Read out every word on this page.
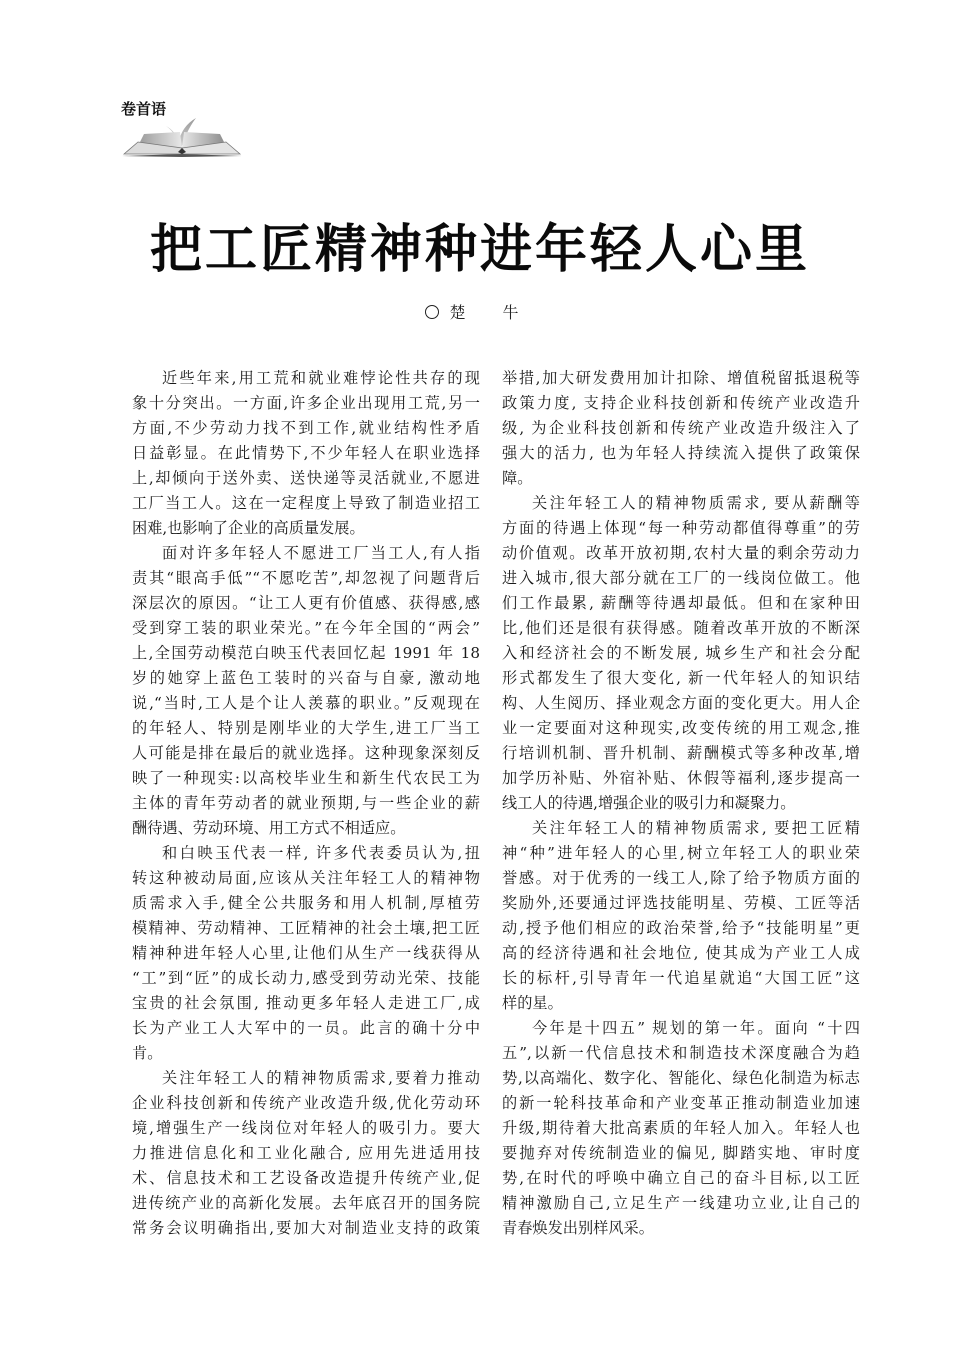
卷首语
把工匠精神种进年轻人心里
楚 牛
近些年来,用工荒和就业难悖论性共存的现
象十分突出。一方面,许多企业出现用工荒,另一
方面,不少劳动力找不到工作,就业结构性矛盾
日益彰显。在此情势下,不少年轻人在职业选择
上,却倾向于送外卖、送快递等灵活就业,不愿进
工厂当工人。这在一定程度上导致了制造业招工
困难,也影响了企业的高质量发展。
面对许多年轻人不愿进工厂当工人,有人指
责其“眼高手低”“不愿吃苦”,却忽视了问题背后
深层次的原因。“让工人更有价值感、获得感,感
受到穿工装的职业荣光。”在今年全国的“两会”
上,全国劳动模范白映玉代表回忆起 1991 年 18
岁的她穿上蓝色工装时的兴奋与自豪, 激动地
说,“当时,工人是个让人羡慕的职业。”反观现在
的年轻人、特别是刚毕业的大学生,进工厂当工
人可能是排在最后的就业选择。这种现象深刻反
映了一种现实:以高校毕业生和新生代农民工为
主体的青年劳动者的就业预期,与一些企业的薪
酬待遇、劳动环境、用工方式不相适应。
和白映玉代表一样, 许多代表委员认为,扭
转这种被动局面,应该从关注年轻工人的精神物
质需求入手,健全公共服务和用人机制,厚植劳
模精神、劳动精神、工匠精神的社会土壤,把工匠
精神种进年轻人心里,让他们从生产一线获得从
“工”到“匠”的成长动力,感受到劳动光荣、技能
宝贵的社会氛围, 推动更多年轻人走进工厂,成
长为产业工人大军中的一员。此言的确十分中
肯。
关注年轻工人的精神物质需求,要着力推动
企业科技创新和传统产业改造升级,优化劳动环
境,增强生产一线岗位对年轻人的吸引力。要大
力推进信息化和工业化融合, 应用先进适用技
术、信息技术和工艺设备改造提升传统产业,促
进传统产业的高新化发展。去年底召开的国务院
常务会议明确指出,要加大对制造业支持的政策
举措,加大研发费用加计扣除、增值税留抵退税等
政策力度, 支持企业科技创新和传统产业改造升
级, 为企业科技创新和传统产业改造升级注入了
强大的活力, 也为年轻人持续流入提供了政策保
障。
关注年轻工人的精神物质需求, 要从薪酬等
方面的待遇上体现“每一种劳动都值得尊重”的劳
动价值观。改革开放初期,农村大量的剩余劳动力
进入城市,很大部分就在工厂的一线岗位做工。他
们工作最累, 薪酬等待遇却最低。但和在家种田
比,他们还是很有获得感。随着改革开放的不断深
入和经济社会的不断发展, 城乡生产和社会分配
形式都发生了很大变化, 新一代年轻人的知识结
构、人生阅历、择业观念方面的变化更大。用人企
业一定要面对这种现实,改变传统的用工观念,推
行培训机制、晋升机制、薪酬模式等多种改革,增
加学历补贴、外宿补贴、休假等福利,逐步提高一
线工人的待遇,增强企业的吸引力和凝聚力。
关注年轻工人的精神物质需求, 要把工匠精
神“种”进年轻人的心里,树立年轻工人的职业荣
誉感。对于优秀的一线工人,除了给予物质方面的
奖励外,还要通过评选技能明星、劳模、工匠等活
动,授予他们相应的政治荣誉,给予“技能明星”更
高的经济待遇和社会地位, 使其成为产业工人成
长的标杆,引导青年一代追星就追“大国工匠”这
样的星。
今年是十四五” 规划的第一年。面向 “十四
五”,以新一代信息技术和制造技术深度融合为趋
势,以高端化、数字化、智能化、绿色化制造为标志
的新一轮科技革命和产业变革正推动制造业加速
升级,期待着大批高素质的年轻人加入。年轻人也
要抛弃对传统制造业的偏见, 脚踏实地、审时度
势,在时代的呼唤中确立自己的奋斗目标,以工匠
精神激励自己,立足生产一线建功立业,让自己的
青春焕发出别样风采。
